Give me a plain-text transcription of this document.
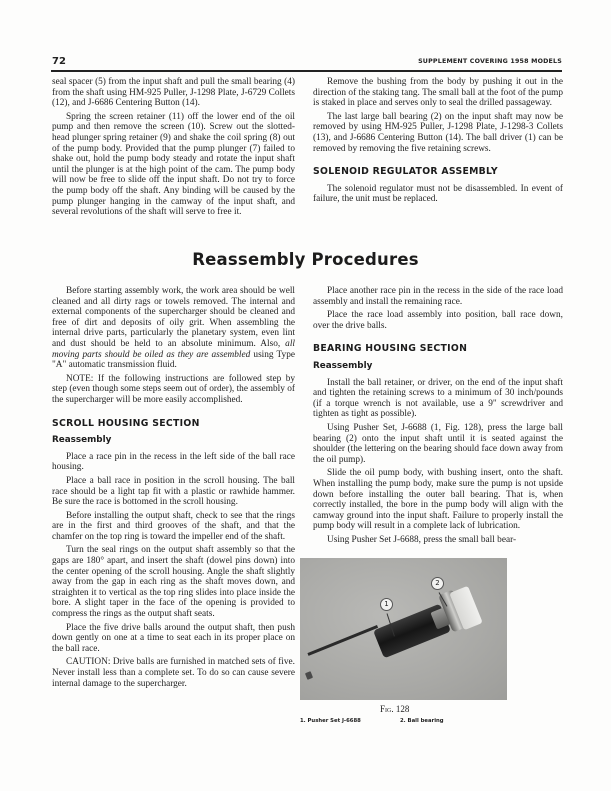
72	SUPPLEMENT COVERING 1958 MODELS

seal spacer (5) from the input shaft and pull the small bearing (4) from the shaft using HM-925 Puller, J-1298 Plate, J-6729 Collets (12), and J-6686 Centering Button (14).

Spring the screen retainer (11) off the lower end of the oil pump and then remove the screen (10). Screw out the slotted-head plunger spring retainer (9) and shake the coil spring (8) out of the pump body. Provided that the pump plunger (7) failed to shake out, hold the pump body steady and rotate the input shaft until the plunger is at the high point of the cam. The pump body will now be free to slide off the input shaft. Do not try to force the pump body off the shaft. Any binding will be caused by the pump plunger hanging in the camway of the input shaft, and several revolutions of the shaft will serve to free it.

Remove the bushing from the body by pushing it out in the direction of the staking tang. The small ball at the foot of the pump is staked in place and serves only to seal the drilled passageway.

The last large ball bearing (2) on the input shaft may now be removed by using HM-925 Puller, J-1298 Plate, J-1298-3 Collets (13), and J-6686 Centering Button (14). The ball driver (1) can be removed by removing the five retaining screws.

SOLENOID REGULATOR ASSEMBLY

The solenoid regulator must not be disassembled. In event of failure, the unit must be replaced.

Reassembly Procedures

Before starting assembly work, the work area should be well cleaned and all dirty rags or towels removed. The internal and external components of the supercharger should be cleaned and free of dirt and deposits of oily grit. When assembling the internal drive parts, particularly the planetary system, even lint and dust should be held to an absolute minimum. Also, all moving parts should be oiled as they are assembled using Type "A" automatic transmission fluid.

NOTE: If the following instructions are followed step by step (even though some steps seem out of order), the assembly of the supercharger will be more easily accomplished.

SCROLL HOUSING SECTION
Reassembly

Place a race pin in the recess in the left side of the ball race housing.

Place a ball race in position in the scroll housing. The ball race should be a light tap fit with a plastic or rawhide hammer. Be sure the race is bottomed in the scroll housing.

Before installing the output shaft, check to see that the rings are in the first and third grooves of the shaft, and that the chamfer on the top ring is toward the impeller end of the shaft.

Turn the seal rings on the output shaft assembly so that the gaps are 180° apart, and insert the shaft (dowel pins down) into the center opening of the scroll housing. Angle the shaft slightly away from the gap in each ring as the shaft moves down, and straighten it to vertical as the top ring slides into place inside the bore. A slight taper in the face of the opening is provided to compress the rings as the output shaft seats.

Place the five drive balls around the output shaft, then push down gently on one at a time to seat each in its proper place on the ball race.

CAUTION: Drive balls are furnished in matched sets of five. Never install less than a complete set. To do so can cause severe internal damage to the supercharger.

Place another race pin in the recess in the side of the race load assembly and install the remaining race.

Place the race load assembly into position, ball race down, over the drive balls.

BEARING HOUSING SECTION
Reassembly

Install the ball retainer, or driver, on the end of the input shaft and tighten the retaining screws to a minimum of 30 inch/pounds (if a torque wrench is not available, use a 9" screwdriver and tighten as tight as possible).

Using Pusher Set, J-6688 (1, Fig. 128), press the large ball bearing (2) onto the input shaft until it is seated against the shoulder (the lettering on the bearing should face down away from the oil pump).

Slide the oil pump body, with bushing insert, onto the shaft. When installing the pump body, make sure the pump is not upside down before installing the outer ball bearing. That is, when correctly installed, the bore in the pump body will align with the camway ground into the input shaft. Failure to properly install the pump body will result in a complete lack of lubrication.

Using Pusher Set J-6688, press the small ball bear-

1
2
Fig. 128
1. Pusher Set J-6688	2. Ball bearing
